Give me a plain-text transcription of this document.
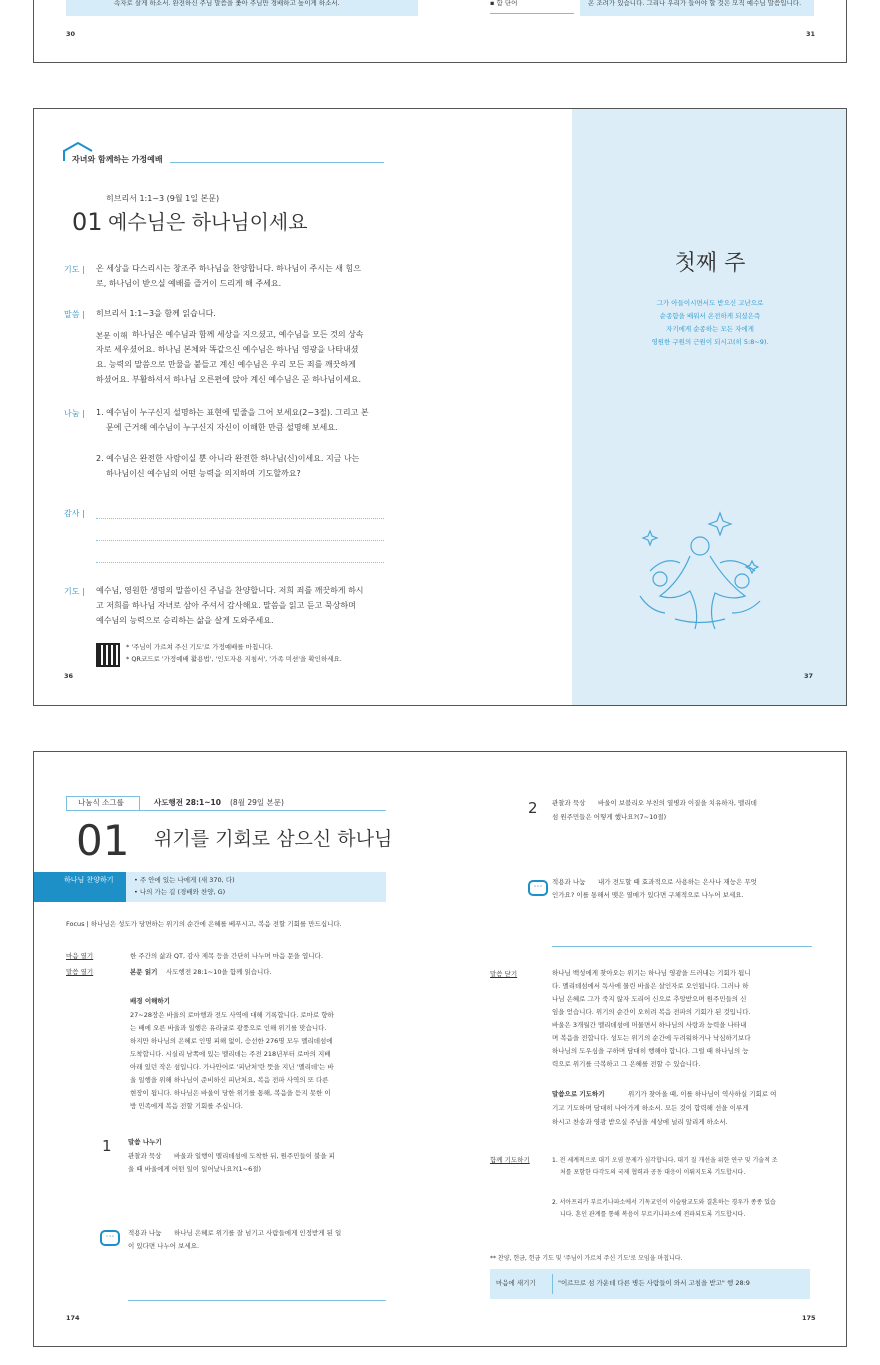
속자로 살게 하소서. 완전하신 주님 말씀을 좇아 주님만 경배하고 높이게 하소서.	▪ 함 단어	온 조려가 있습니다. 그리나 우리가 들어야 할 것은 모직 예수님 말씀입니다.
30	31
자녀와 함께하는 가정예배
히브리서 1:1~3 (9월 1일 본문)
01 예수님은 하나님이세요
기도 | 온 세상을 다스리시는 창조주 하나님을 찬양합니다. 하나님이 주시는 새 힘으
로, 하나님이 받으실 예배를 즐거이 드리게 해 주세요.
말씀 | 히브리서 1:1~3을 함께 읽습니다.
본문 이해 하나님은 예수님과 함께 세상을 지으셨고, 예수님을 모든 것의 상속
자로 세우셨어요. 하나님 본체와 똑같으신 예수님은 하나님 영광을 나타내셨
요. 능력의 말씀으로 만물을 붙들고 계신 예수님은 우리 모든 죄를 깨끗하게
하셨어요. 부활하셔서 하나님 오른편에 앉아 계신 예수님은 곧 하나님이세요.
나눔 | 1. 예수님이 누구신지 설명하는 표현에 밑줄을 그어 보세요(2~3절). 그리고 본
문에 근거해 예수님이 누구신지 자신이 이해한 만큼 설명해 보세요.
2. 예수님은 완전한 사람이실 뿐 아니라 완전한 하나님(신)이세요. 지금 나는
하나님이신 예수님의 어떤 능력을 의지하며 기도할까요?
감사 |
기도 | 예수님, 영원한 생명의 말씀이신 주님을 찬양합니다. 저희 죄를 깨끗하게 하시
고 저희를 하나님 자녀로 삼아 주셔서 감사해요. 말씀을 읽고 듣고 묵상하며
예수님의 능력으로 승리하는 삶을 살게 도와주세요.
* '주님이 가르쳐 주신 기도'로 가정예배를 마칩니다.
* QR코드로 '가정예배 활용법', '인도자용 지침서', '가족 미션'을 확인하세요.
36
첫째 주
그가 아들이시면서도 받으신 고난으로
순종함을 배워서 온전하게 되셨은즉
자기에게 순종하는 모든 자에게
영원한 구원의 근원이 되시고(히 5:8~9).
37
나눔식 소그룹	사도행전 28:1~10 (8월 29일 본문)
01 위기를 기회로 삼으신 하나님
하나님 찬양하기	• 주 안에 있는 나에게 (새 370, 다)
• 나의 가는 길 (경배와 찬양, G)
Focus | 하나님은 성도가 당면하는 위기의 순간에 은혜를 베푸시고, 복음 전할 기회를 만드십니다.
마음 열기	한 주간의 삶과 QT, 감사 제목 등을 간단히 나누며 마음 문을 엽니다.
말씀 열기	본문 읽기 사도행전 28:1~10을 함께 읽습니다.
배경 이해하기
27~28장은 바울의 로마행과 전도 사역에 대해 기록합니다. 로마로 향하
는 배에 오른 바울과 일행은 유라굴로 광풍으로 인해 위기를 맞습니다.
하지만 하나님의 은혜로 인명 피해 없이, 승선한 276명 모두 멜리데섬에
도착합니다. 시실리 남쪽에 있는 멜리데는 주전 218년부터 로마의 지배
아래 있던 작은 섬입니다. 가나안어로 '피난처'란 뜻을 지닌 '멜리데'는 바
울 일행을 위해 하나님이 준비하신 피난처요, 복음 전파 사역의 또 다른
현장이 됩니다. 하나님은 바울이 당한 위기를 통해, 복음을 듣지 못한 이
방 민족에게 복음 전할 기회를 주십니다.
1	말씀 나누기
관찰과 묵상 바울과 일행이 멜리데섬에 도착한 뒤, 원주민들이 불을 피
울 때 바울에게 어떤 일이 일어났나요?(1~6절)
⋯	적용과 나눔 하나님 은혜로 위기를 잘 넘기고 사람들에게 인정받게 된 일
이 있다면 나누어 보세요.
174
2 관찰과 묵상 바울이 보블리오 부친의 열병과 이질을 치유하자, 멜리데
섬 원주민들은 어떻게 했나요?(7~10절)
⋯	적용과 나눔 내가 전도할 때 효과적으로 사용하는 은사나 재능은 무엇
인가요? 이를 통해서 맺은 열매가 있다면 구체적으로 나누어 보세요.
말씀 닫기	하나님 백성에게 찾아오는 위기는 하나님 영광을 드러내는 기회가 됩니
다. 멜리데섬에서 독사에 물린 바울은 살인자로 오인됩니다. 그러나 하
나님 은혜로 그가 죽지 않자 도리어 신으로 추앙받으며 원주민들의 신
임을 얻습니다. 위기의 순간이 오히려 복음 전파의 기회가 된 것입니다.
바울은 3개월간 멜리데섬에 머물면서 하나님의 사랑과 능력을 나타내
며 복음을 전합니다. 성도는 위기의 순간에 두려워하거나 낙심하기보다
하나님의 도우심을 구하며 담대히 행해야 합니다. 그럴 때 하나님의 능
력으로 위기를 극복하고 그 은혜를 전할 수 있습니다.
말씀으로 기도하기	위기가 찾아올 때, 이를 하나님이 역사하실 기회로 여
기고 기도하며 담대히 나아가게 하소서. 모든 것이 합력해 선을 이루게
하시고 찬송과 영광 받으실 주님을 세상에 널리 알리게 하소서.
함께 기도하기	1. 전 세계적으로 대기 오염 문제가 심각합니다. 대기 질 개선을 위한 연구 및 기술적 조
처를 포함한 다각도의 국제 협력과 공동 대응이 이뤄지도록 기도합시다.
2. 서아프리카 부르키나파소에서 기독교인이 이슬람교도와 결혼하는 경우가 종종 있습
니다. 혼인 관계를 통해 복음이 부르키나파소에 전파되도록 기도합시다.
** 찬양, 헌금, 헌금 기도 및 '주님이 가르쳐 주신 기도'로 모임을 마칩니다.
마음에 새기기	"이르므로 섬 가운데 다른 병든 사람들이 와서 고침을 받고" 행 28:9
175
